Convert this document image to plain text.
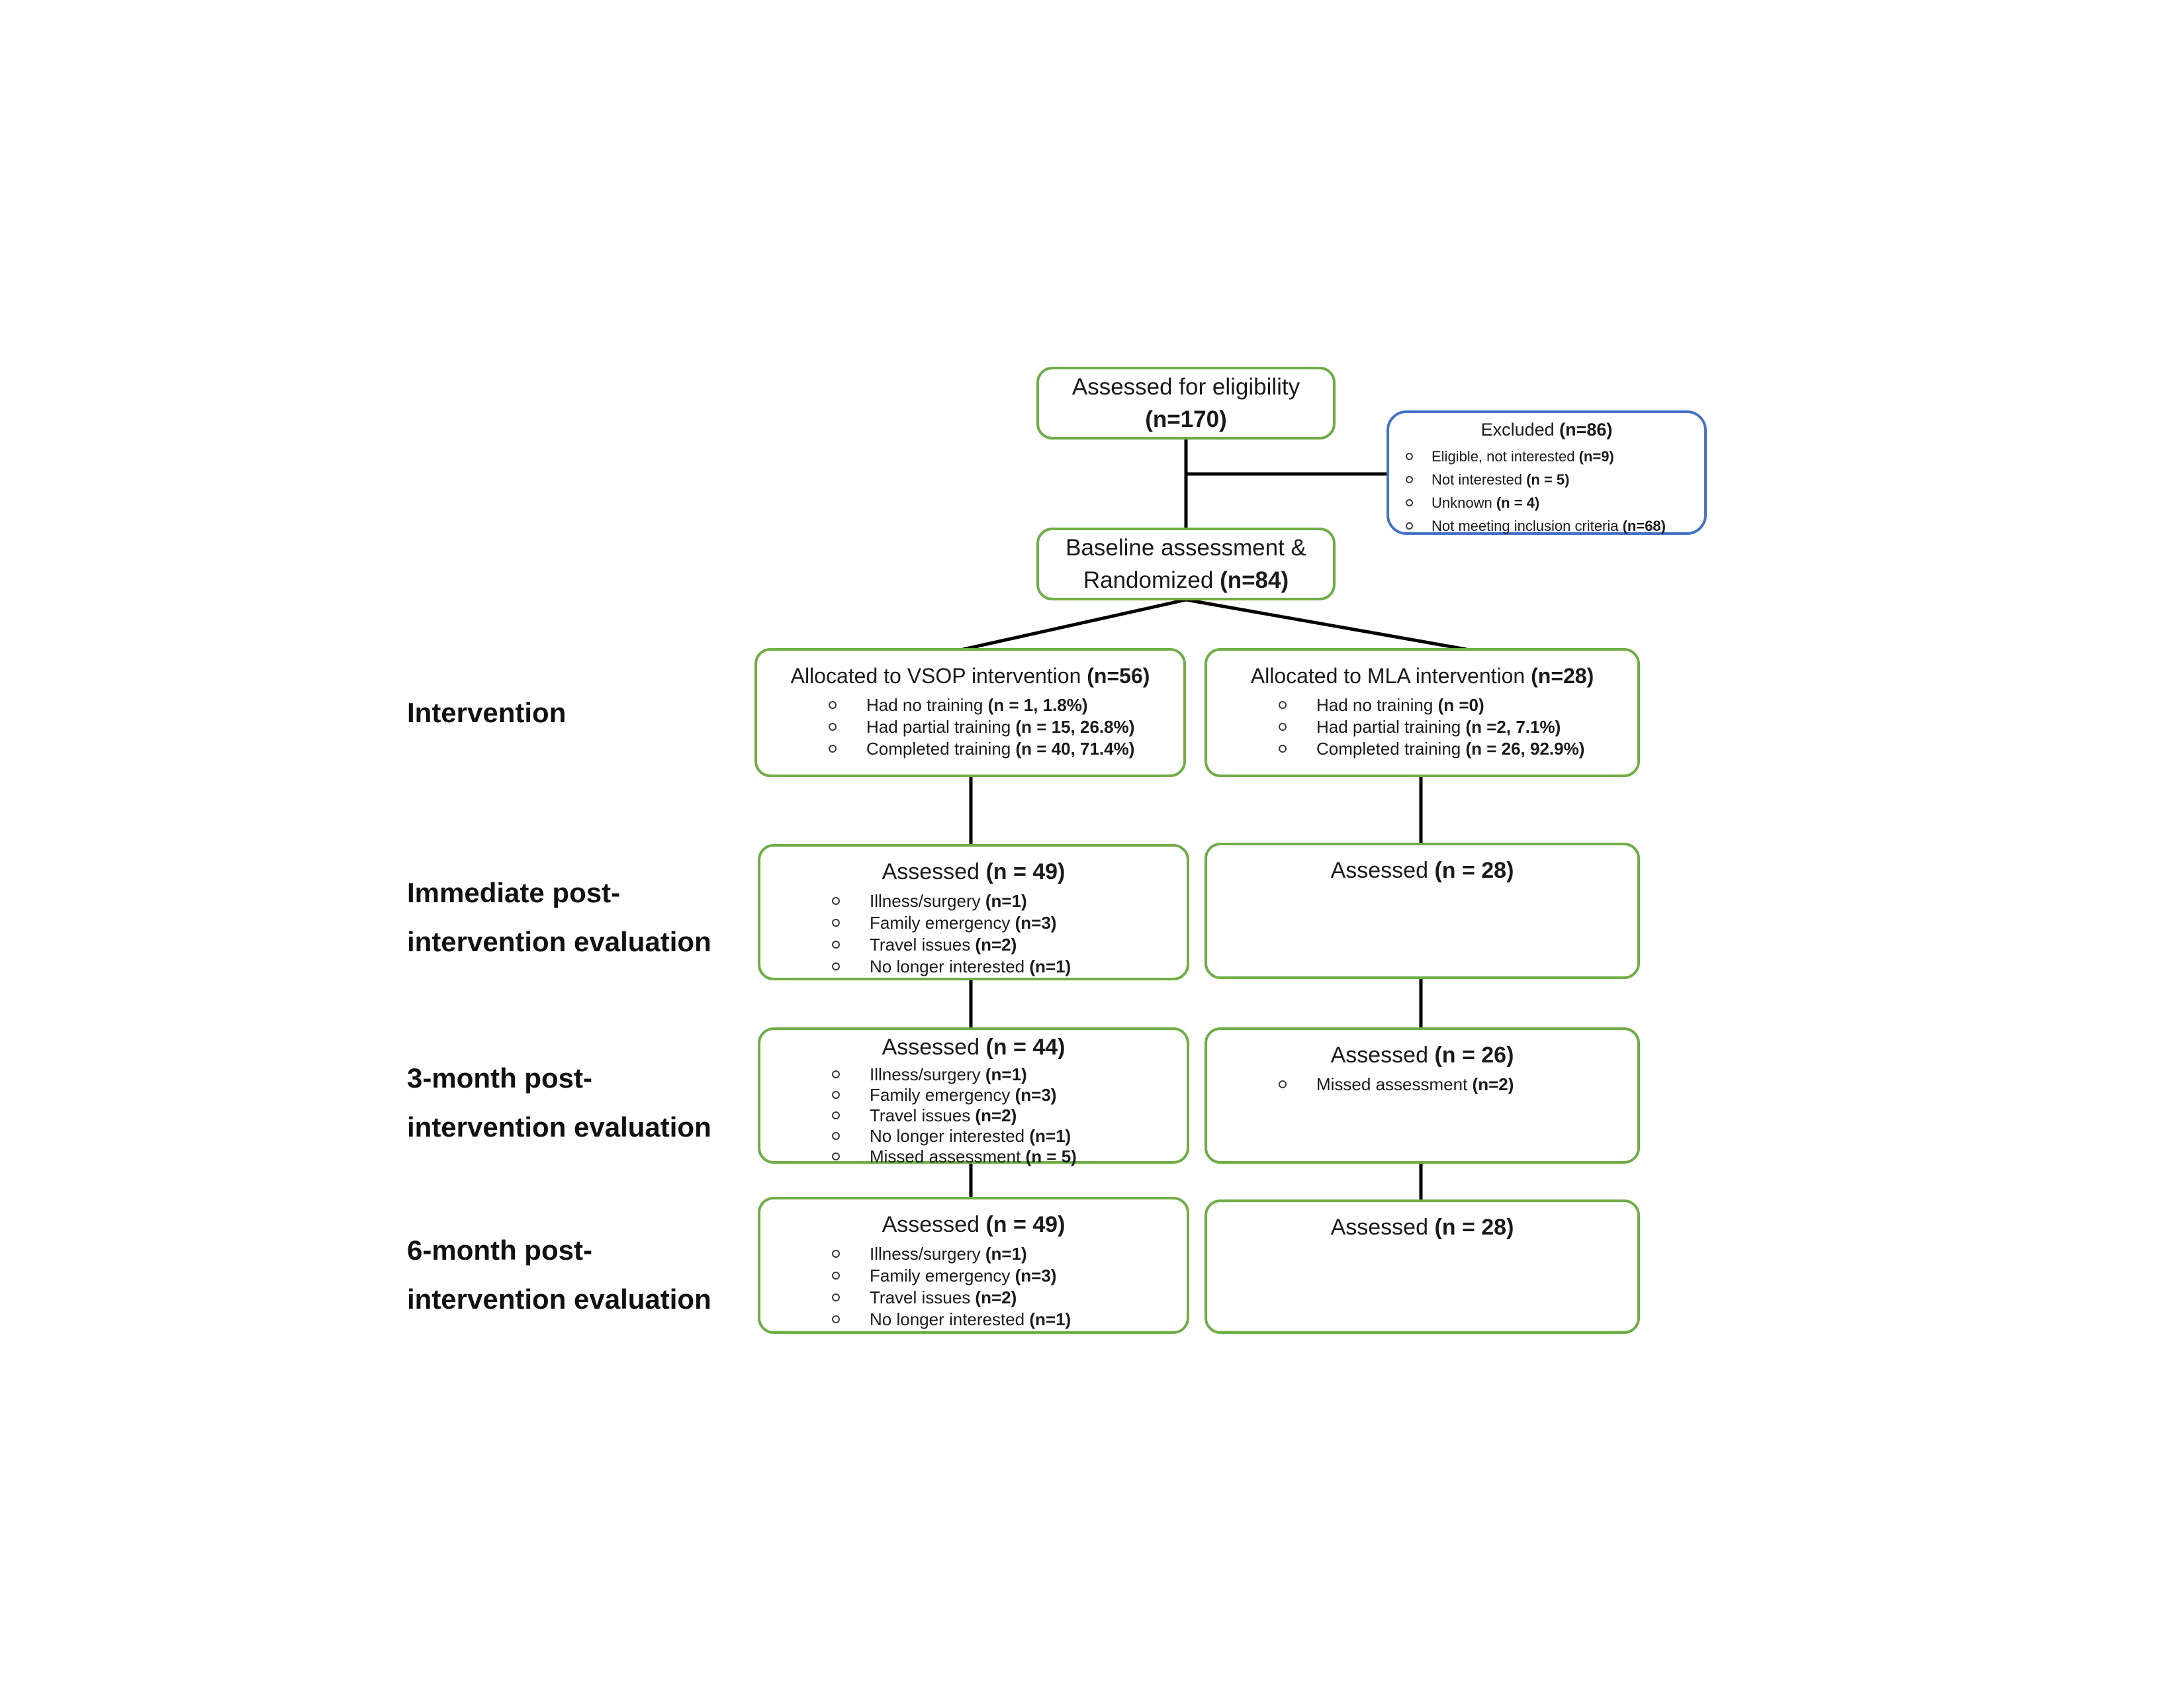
Intervention
Immediate post-
intervention evaluation
3-month post-
intervention evaluation
6-month post-
intervention evaluation
Assessed for eligibility
(n=170)	Excluded (n=86)
Eligible, not interested (n=9)
Not interested (n = 5)
Unknown (n = 4)
Not meeting inclusion criteria (n=68)
Baseline assessment &
Randomized (n=84)
Allocated to VSOP intervention (n=56)
Had no training (n = 1, 1.8%)
Had partial training (n = 15, 26.8%)
Completed training (n = 40, 71.4%)
Allocated to MLA intervention (n=28)
Had no training (n =0)
Had partial training (n =2, 7.1%)
Completed training (n = 26, 92.9%)
Assessed (n = 49)
Illness/surgery (n=1)
Family emergency (n=3)
Travel issues (n=2)
No longer interested (n=1)
Assessed (n = 28)
Assessed (n = 44)
Illness/surgery (n=1)
Family emergency (n=3)
Travel issues (n=2)
No longer interested (n=1)
Missed assessment (n = 5)
Assessed (n = 26)
Missed assessment (n=2)
Assessed (n = 49)
Illness/surgery (n=1)
Family emergency (n=3)
Travel issues (n=2)
No longer interested (n=1)
Assessed (n = 28)
